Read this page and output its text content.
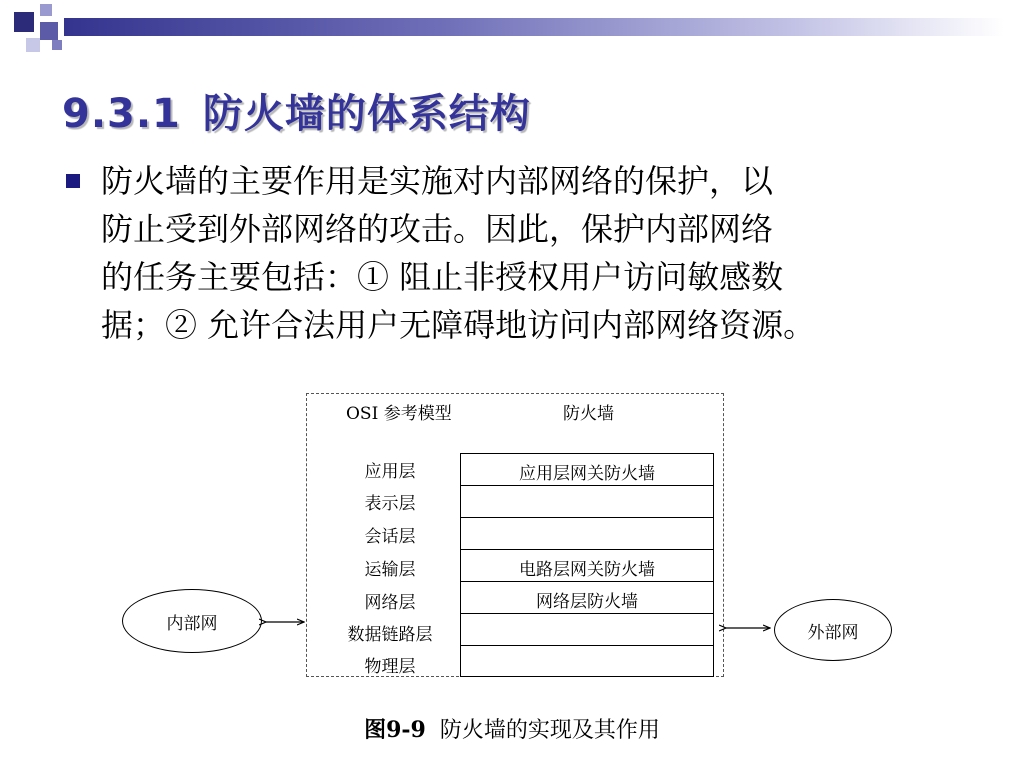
9.3.1 防火墙的体系结构
防火墙的主要作用是实施对内部网络的保护，以
防止受到外部网络的攻击。因此，保护内部网络
的任务主要包括：① 阻止非授权用户访问敏感数
据；② 允许合法用户无障碍地访问内部网络资源。
OSI 参考模型	防火墙
应用层
表示层
会话层
运输层
网络层
数据链路层
物理层
应用层网关防火墙
电路层网关防火墙
网络层防火墙
内部网	外部网
图9-9 防火墙的实现及其作用
